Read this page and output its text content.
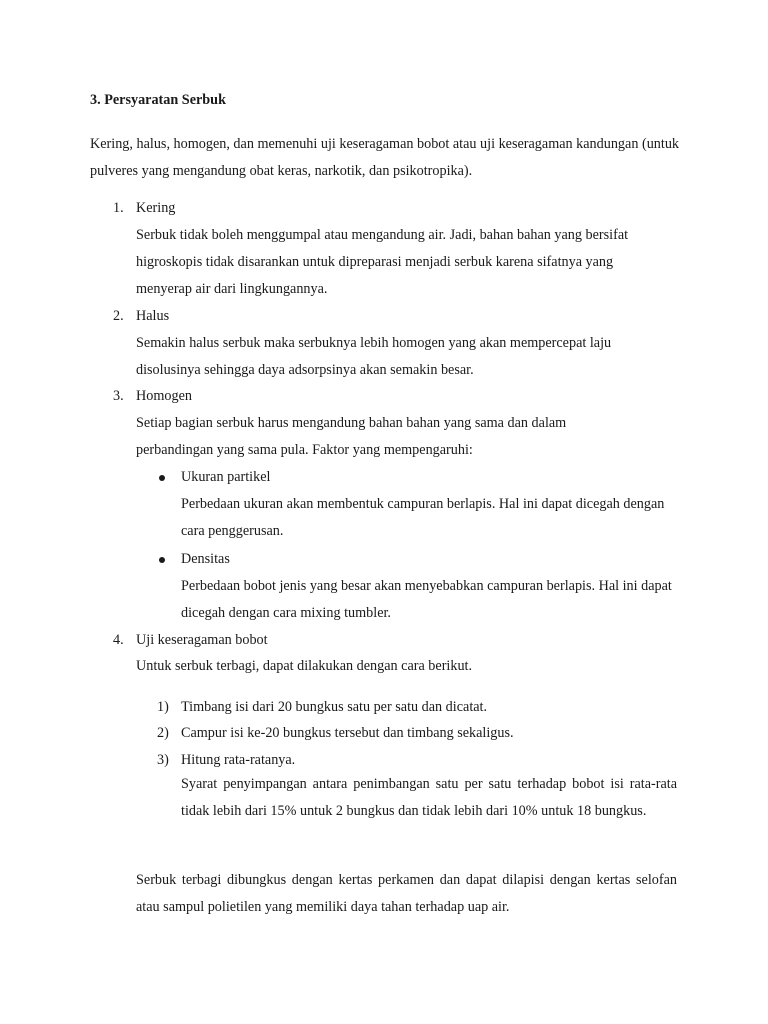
3. Persyaratan Serbuk
Kering, halus, homogen, dan memenuhi uji keseragaman bobot atau uji keseragaman kandungan (untuk pulveres yang mengandung obat keras, narkotik, dan psikotropika).
1. Kering
Serbuk tidak boleh menggumpal atau mengandung air. Jadi, bahan bahan yang bersifat higroskopis tidak disarankan untuk dipreparasi menjadi serbuk karena sifatnya yang menyerap air dari lingkungannya.
2. Halus
Semakin halus serbuk maka serbuknya lebih homogen yang akan mempercepat laju disolusinya sehingga daya adsorpsinya akan semakin besar.
3. Homogen
Setiap bagian serbuk harus mengandung bahan bahan yang sama dan dalam perbandingan yang sama pula. Faktor yang mempengaruhi:
Ukuran partikel
Perbedaan ukuran akan membentuk campuran berlapis. Hal ini dapat dicegah dengan cara penggerusan.
Densitas
Perbedaan bobot jenis yang besar akan menyebabkan campuran berlapis. Hal ini dapat dicegah dengan cara mixing tumbler.
4. Uji keseragaman bobot
Untuk serbuk terbagi, dapat dilakukan dengan cara berikut.
1) Timbang isi dari 20 bungkus satu per satu dan dicatat.
2) Campur isi ke-20 bungkus tersebut dan timbang sekaligus.
3) Hitung rata-ratanya.
Syarat penyimpangan antara penimbangan satu per satu terhadap bobot isi rata-rata tidak lebih dari 15% untuk 2 bungkus dan tidak lebih dari 10% untuk 18 bungkus.
Serbuk terbagi dibungkus dengan kertas perkamen dan dapat dilapisi dengan kertas selofan atau sampul polietilen yang memiliki daya tahan terhadap uap air.
